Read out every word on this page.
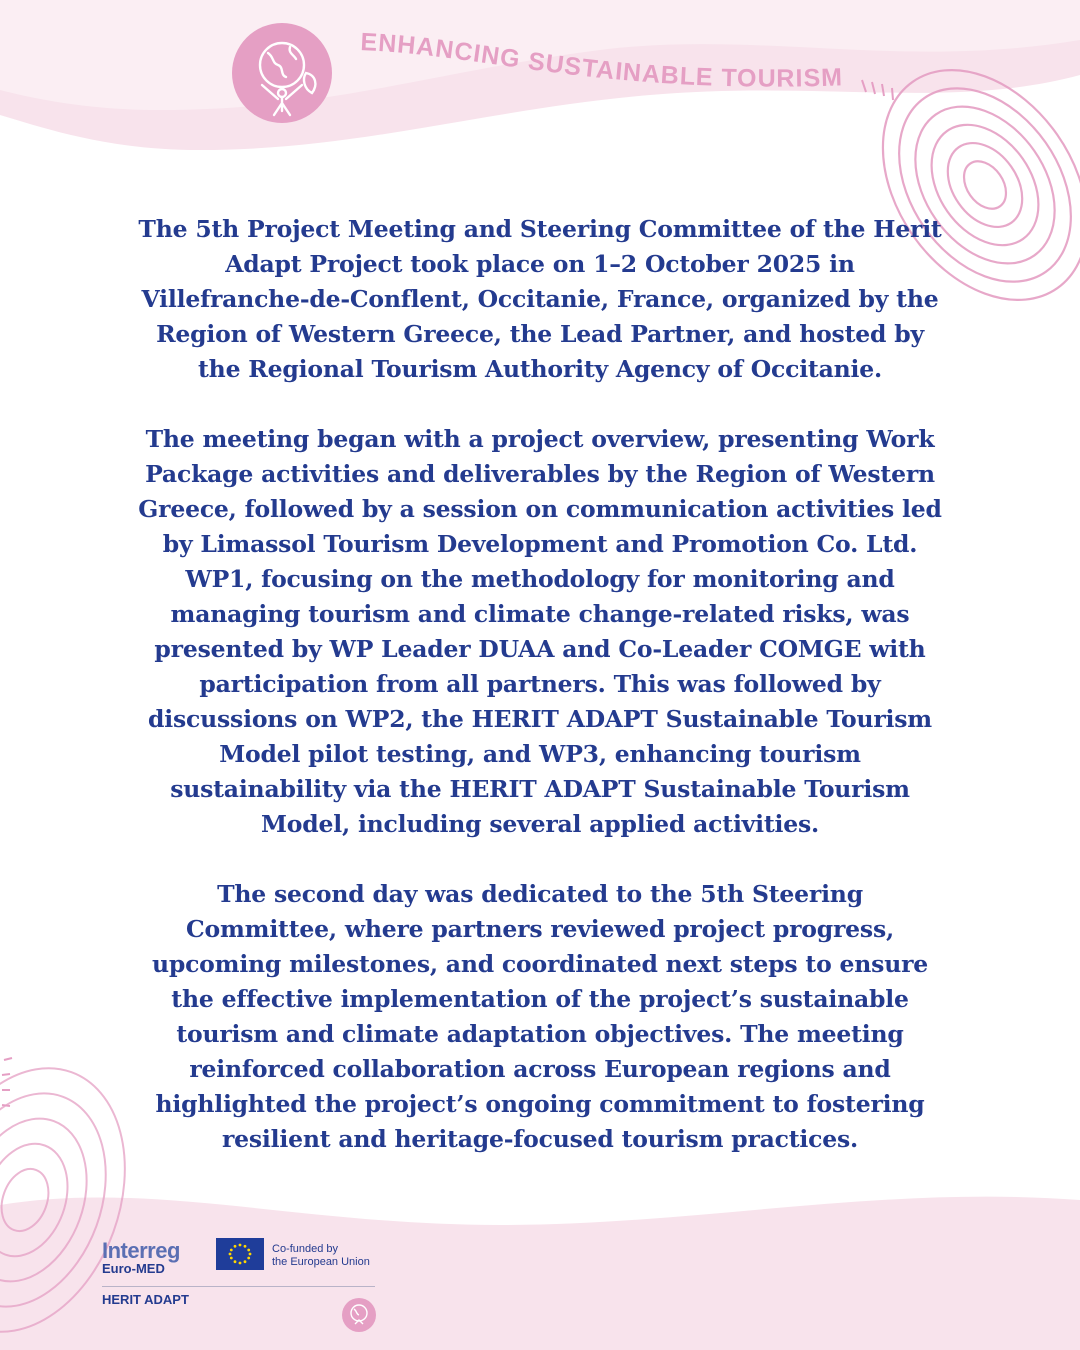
ENHANCING SUSTAINABLE TOURISM

The 5th Project Meeting and Steering Committee of the Herit Adapt Project took place on 1–2 October 2025 in Villefranche-de-Conflent, Occitanie, France, organized by the Region of Western Greece, the Lead Partner, and hosted by the Regional Tourism Authority Agency of Occitanie.

The meeting began with a project overview, presenting Work Package activities and deliverables by the Region of Western Greece, followed by a session on communication activities led by Limassol Tourism Development and Promotion Co. Ltd. WP1, focusing on the methodology for monitoring and managing tourism and climate change-related risks, was presented by WP Leader DUAA and Co-Leader COMGE with participation from all partners. This was followed by discussions on WP2, the HERIT ADAPT Sustainable Tourism Model pilot testing, and WP3, enhancing tourism sustainability via the HERIT ADAPT Sustainable Tourism Model, including several applied activities.

The second day was dedicated to the 5th Steering Committee, where partners reviewed project progress, upcoming milestones, and coordinated next steps to ensure the effective implementation of the project’s sustainable tourism and climate adaptation objectives. The meeting reinforced collaboration across European regions and highlighted the project’s ongoing commitment to fostering resilient and heritage-focused tourism practices.

Interreg
Euro-MED
Co-funded by
the European Union
HERIT ADAPT
